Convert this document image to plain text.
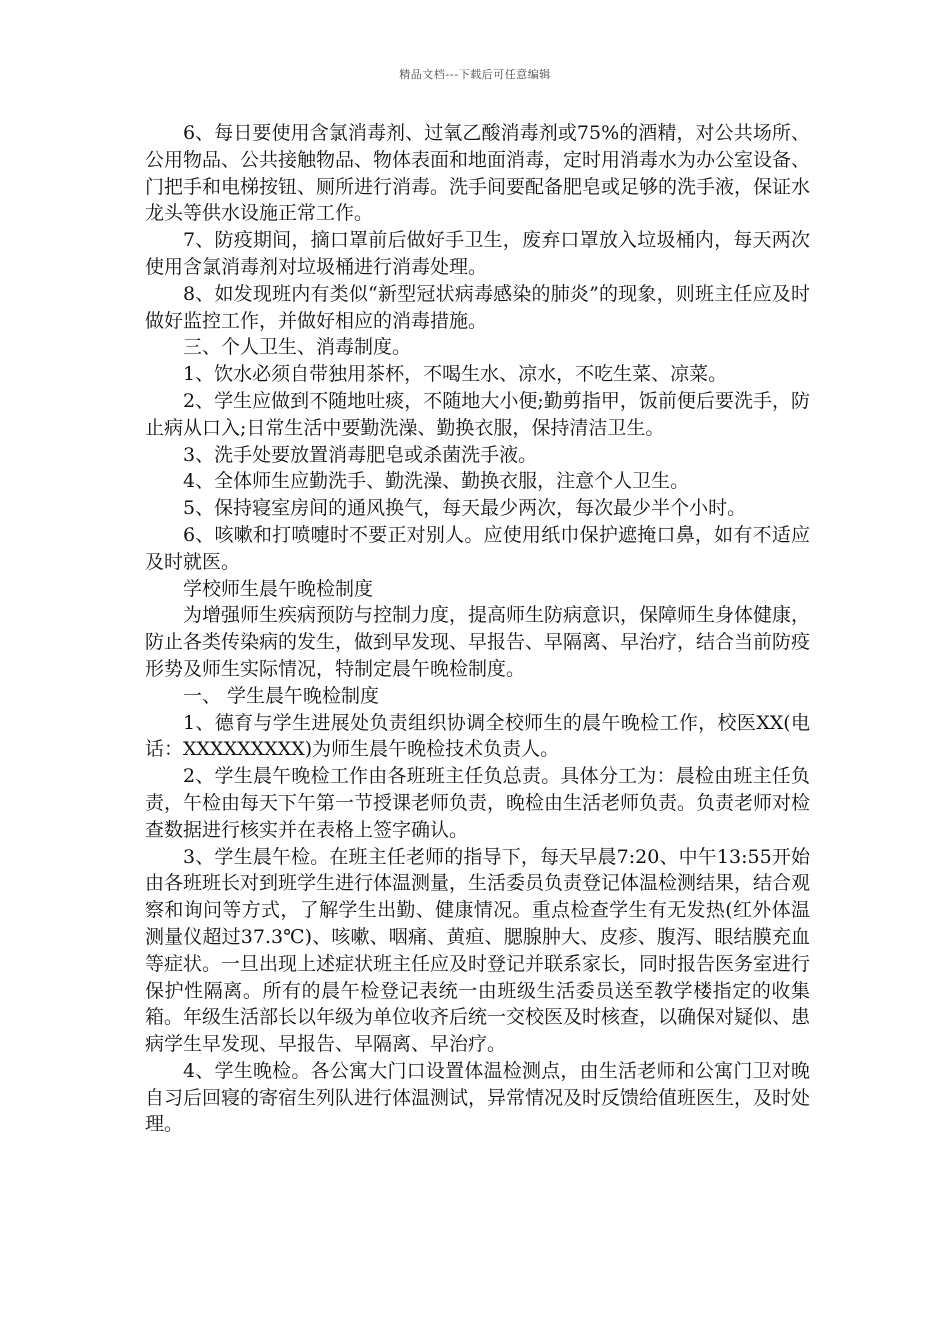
精品文档---下载后可任意编辑

6、每日要使用含氯消毒剂、过氧乙酸消毒剂或75%的酒精，对公共场所、公用物品、公共接触物品、物体表面和地面消毒，定时用消毒水为办公室设备、门把手和电梯按钮、厕所进行消毒。洗手间要配备肥皂或足够的洗手液，保证水龙头等供水设施正常工作。

7、防疫期间，摘口罩前后做好手卫生，废弃口罩放入垃圾桶内，每天两次使用含氯消毒剂对垃圾桶进行消毒处理。

8、如发现班内有类似“新型冠状病毒感染的肺炎”的现象，则班主任应及时做好监控工作，并做好相应的消毒措施。

三、个人卫生、消毒制度。

1、饮水必须自带独用茶杯，不喝生水、凉水，不吃生菜、凉菜。

2、学生应做到不随地吐痰，不随地大小便;勤剪指甲，饭前便后要洗手，防止病从口入;日常生活中要勤洗澡、勤换衣服，保持清洁卫生。

3、洗手处要放置消毒肥皂或杀菌洗手液。

4、全体师生应勤洗手、勤洗澡、勤换衣服，注意个人卫生。

5、保持寝室房间的通风换气，每天最少两次，每次最少半个小时。

6、咳嗽和打喷嚏时不要正对别人。应使用纸巾保护遮掩口鼻，如有不适应及时就医。

学校师生晨午晚检制度

为增强师生疾病预防与控制力度，提高师生防病意识，保障师生身体健康，防止各类传染病的发生，做到早发现、早报告、早隔离、早治疗，结合当前防疫形势及师生实际情况，特制定晨午晚检制度。

一、 学生晨午晚检制度

1、德育与学生进展处负责组织协调全校师生的晨午晚检工作，校医XX(电话：XXXXXXXXX)为师生晨午晚检技术负责人。

2、学生晨午晚检工作由各班班主任负总责。具体分工为：晨检由班主任负责，午检由每天下午第一节授课老师负责，晚检由生活老师负责。负责老师对检查数据进行核实并在表格上签字确认。

3、学生晨午检。在班主任老师的指导下，每天早晨7:20、中午13:55开始由各班班长对到班学生进行体温测量，生活委员负责登记体温检测结果，结合观察和询问等方式，了解学生出勤、健康情况。重点检查学生有无发热(红外体温测量仪超过37.3℃)、咳嗽、咽痛、黄疸、腮腺肿大、皮疹、腹泻、眼结膜充血等症状。一旦出现上述症状班主任应及时登记并联系家长，同时报告医务室进行保护性隔离。所有的晨午检登记表统一由班级生活委员送至教学楼指定的收集箱。年级生活部长以年级为单位收齐后统一交校医及时核查，以确保对疑似、患病学生早发现、早报告、早隔离、早治疗。

4、学生晚检。各公寓大门口设置体温检测点，由生活老师和公寓门卫对晚自习后回寝的寄宿生列队进行体温测试，异常情况及时反馈给值班医生，及时处理。
